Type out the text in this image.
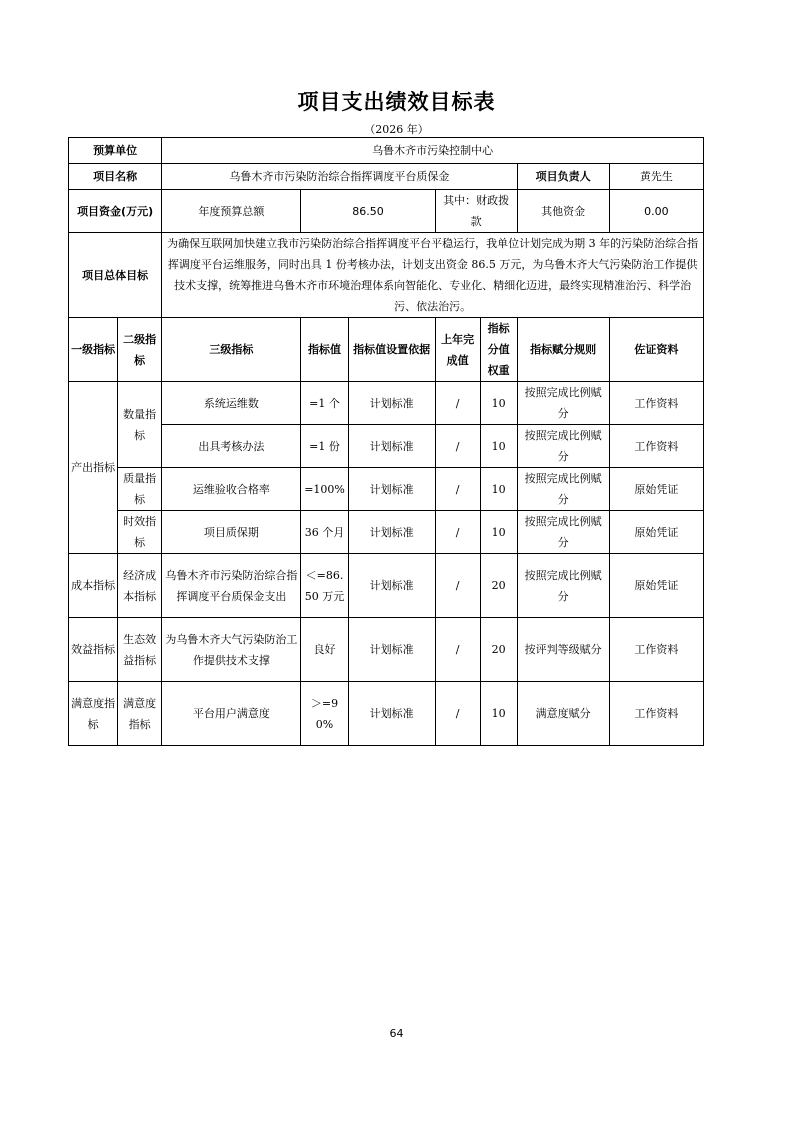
项目支出绩效目标表
（2026 年）
预算单位		乌鲁木齐市污染控制中心						
项目名称		乌鲁木齐市污染防治综合指挥调度平台质保金					项目负责人	黄先生
项目资金(万元)		年度预算总额	86.50		其中：财政拨款		其他资金	0.00
项目总体目标		为确保互联网加快建立我市污染防治综合指挥调度平台平稳运行，我单位计划完成为期 3 年的污染防治综合指挥调度平台运维服务，同时出具 1 份考核办法，计划支出资金 86.5 万元，为乌鲁木齐大气污染防治工作提供技术支撑，统筹推进乌鲁木齐市环境治理体系向智能化、专业化、精细化迈进，最终实现精准治污、科学治污、依法治污。						
一级指标	二级指标	三级指标	指标值	指标值设置依据	上年完成值	指标分值权重	指标赋分规则	佐证资料
产出指标	数量指标	系统运维数	=1 个	计划标准	/	10	按照完成比例赋分	工作资料
		出具考核办法	=1 份	计划标准	/	10	按照完成比例赋分	工作资料
	质量指标	运维验收合格率	=100%	计划标准	/	10	按照完成比例赋分	原始凭证
	时效指标	项目质保期	36 个月	计划标准	/	10	按照完成比例赋分	原始凭证
成本指标	经济成本指标	乌鲁木齐市污染防治综合指挥调度平台质保金支出	＜=86.50 万元	计划标准	/	20	按照完成比例赋分	原始凭证
效益指标	生态效益指标	为乌鲁木齐大气污染防治工作提供技术支撑	良好	计划标准	/	20	按评判等级赋分	工作资料
满意度指标	满意度指标	平台用户满意度	＞=90%	计划标准	/	10	满意度赋分	工作资料
64
